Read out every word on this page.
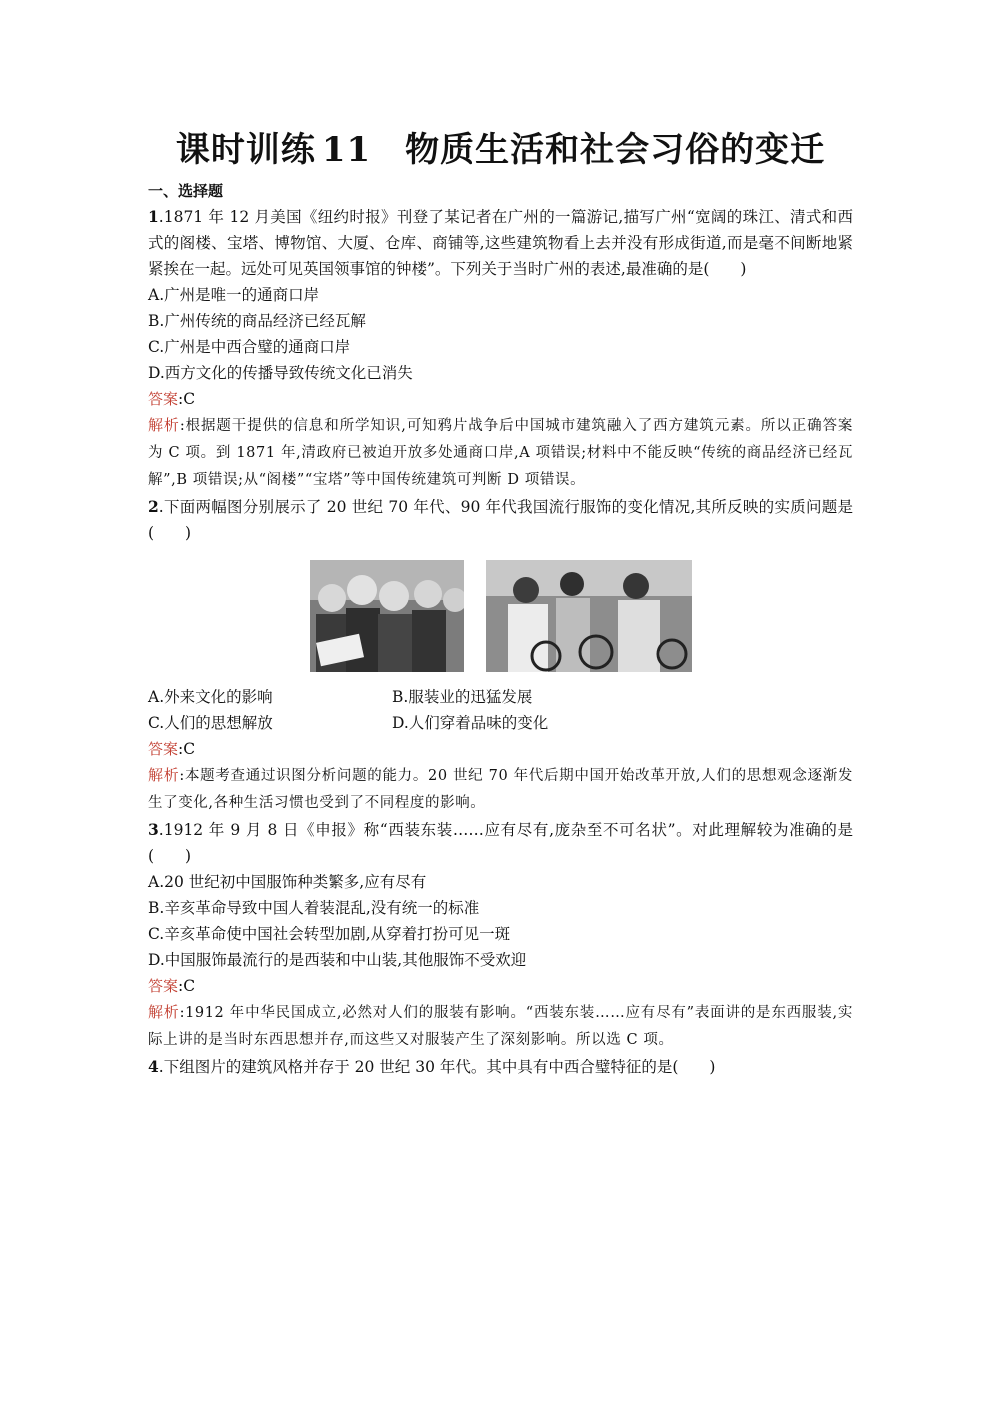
课时训练 11 物质生活和社会习俗的变迁
一、选择题

1.1871 年 12 月美国《纽约时报》刊登了某记者在广州的一篇游记,描写广州“宽阔的珠江、清式和西式的阁楼、宝塔、博物馆、大厦、仓库、商铺等,这些建筑物看上去并没有形成街道,而是毫不间断地紧紧挨在一起。远处可见英国领事馆的钟楼”。下列关于当时广州的表述,最准确的是(　　)

A.广州是唯一的通商口岸

B.广州传统的商品经济已经瓦解

C.广州是中西合璧的通商口岸

D.西方文化的传播导致传统文化已消失

答案:C

解析:根据题干提供的信息和所学知识,可知鸦片战争后中国城市建筑融入了西方建筑元素。所以正确答案为 C 项。到 1871 年,清政府已被迫开放多处通商口岸,A 项错误;材料中不能反映“传统的商品经济已经瓦解”,B 项错误;从“阁楼”“宝塔”等中国传统建筑可判断 D 项错误。

2.下面两幅图分别展示了 20 世纪 70 年代、90 年代我国流行服饰的变化情况,其所反映的实质问题是(　　)

A.外来文化的影响	B.服装业的迅猛发展

C.人们的思想解放	D.人们穿着品味的变化

答案:C

解析:本题考查通过识图分析问题的能力。20 世纪 70 年代后期中国开始改革开放,人们的思想观念逐渐发生了变化,各种生活习惯也受到了不同程度的影响。

3.1912 年 9 月 8 日《申报》称“西装东装……应有尽有,庞杂至不可名状”。对此理解较为准确的是(　　)

A.20 世纪初中国服饰种类繁多,应有尽有

B.辛亥革命导致中国人着装混乱,没有统一的标准

C.辛亥革命使中国社会转型加剧,从穿着打扮可见一斑

D.中国服饰最流行的是西装和中山装,其他服饰不受欢迎

答案:C

解析:1912 年中华民国成立,必然对人们的服装有影响。“西装东装……应有尽有”表面讲的是东西服装,实际上讲的是当时东西思想并存,而这些又对服装产生了深刻影响。所以选 C 项。

4.下组图片的建筑风格并存于 20 世纪 30 年代。其中具有中西合璧特征的是(　　)
